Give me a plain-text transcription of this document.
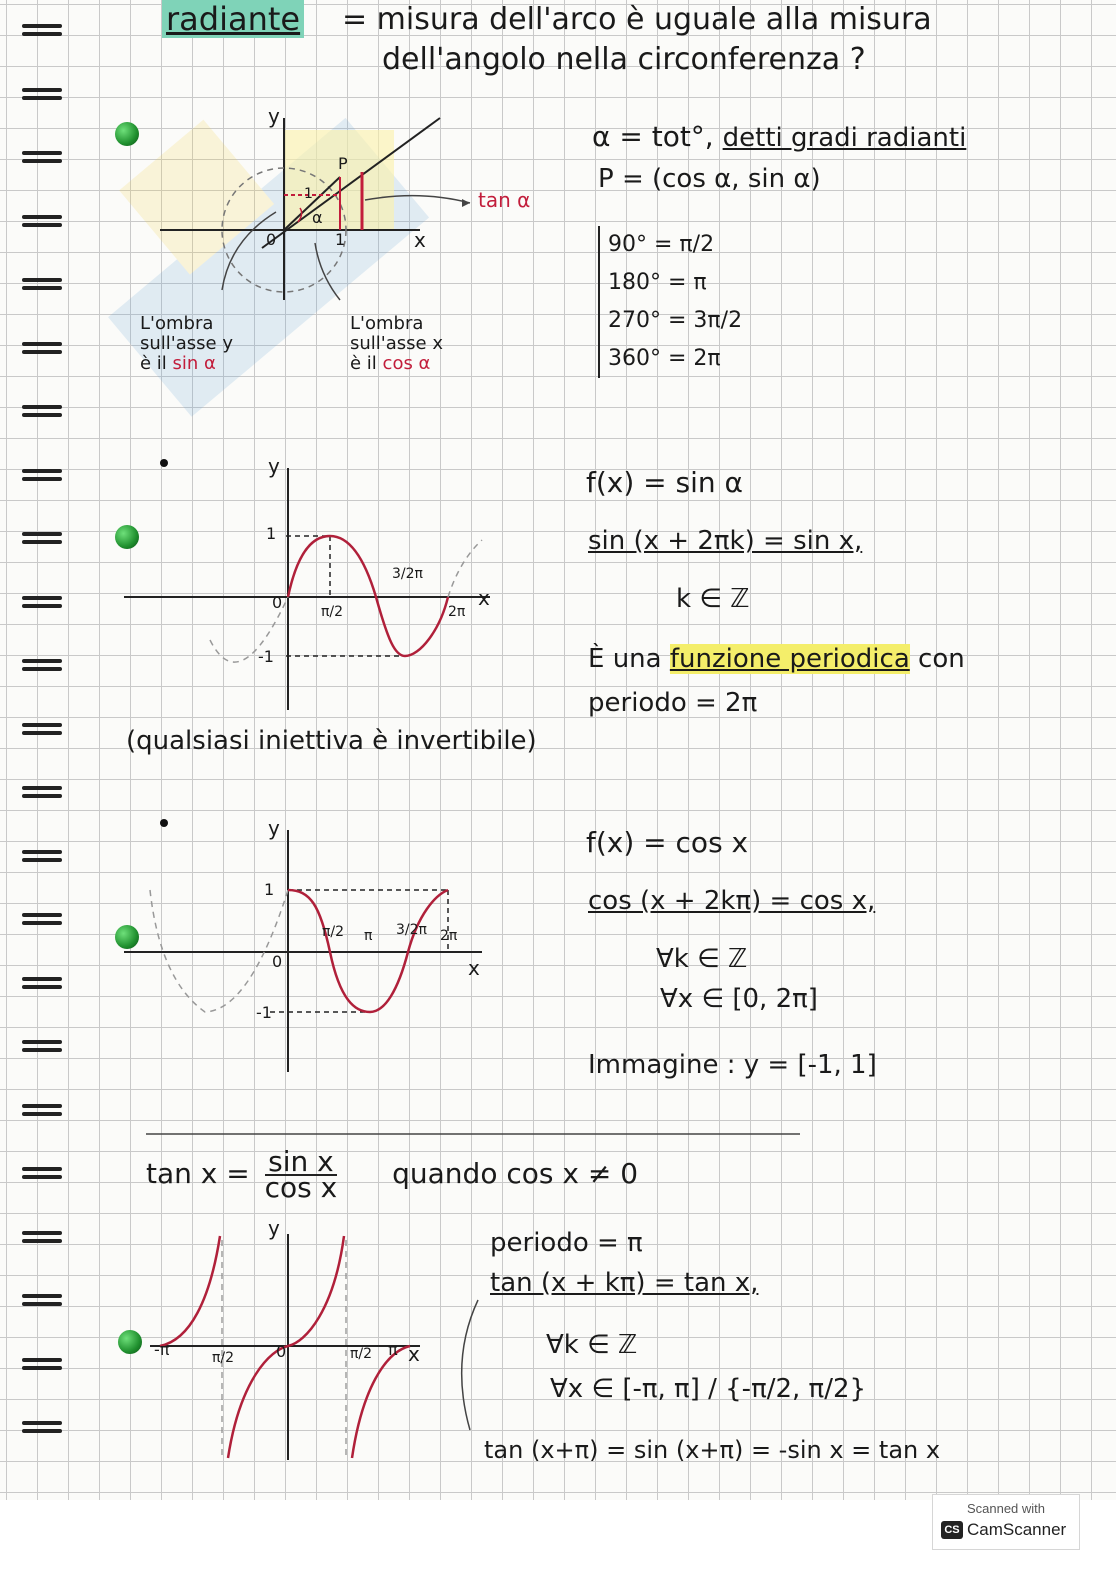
radiante = misura dell'arco è uguale alla misura
dell'angolo nella circonferenza ?
y
x
0	1
1
P
α
tan α
L'ombra
sull'asse y
è il sin α
L'ombra
sull'asse x
è il cos α
α = tot°, detti gradi radianti
P = (cos α, sin α)
90° = π/2
180° = π
270° = 3π/2
360° = 2π
y
x
1
0
-1
π/2
3/2π
2π
f(x) = sin α
sin (x + 2πk) = sin x,
k ∈ ℤ
È una funzione periodica con
periodo = 2π
(qualsiasi iniettiva è invertibile)
y
x
1
0
-1
π/2 π 3/2π 2π
f(x) = cos x
cos (x + 2kπ) = cos x,
∀k ∈ ℤ
∀x ∈ [0, 2π]
Immagine : y = [-1, 1]
$\tan x = \frac{\text{sin x}}{\text{cos x}}$ quando cos x ≠ 0
y
x
-π	π/2	0	π/2 π
periodo = π
tan (x + kπ) = tan x,
∀k ∈ ℤ
∀x ∈ [-π, π] / {-π/2, π/2}
tan (x+π) = sin (x+π) = -sin x = tan x
Scanned with
CS CamScanner
